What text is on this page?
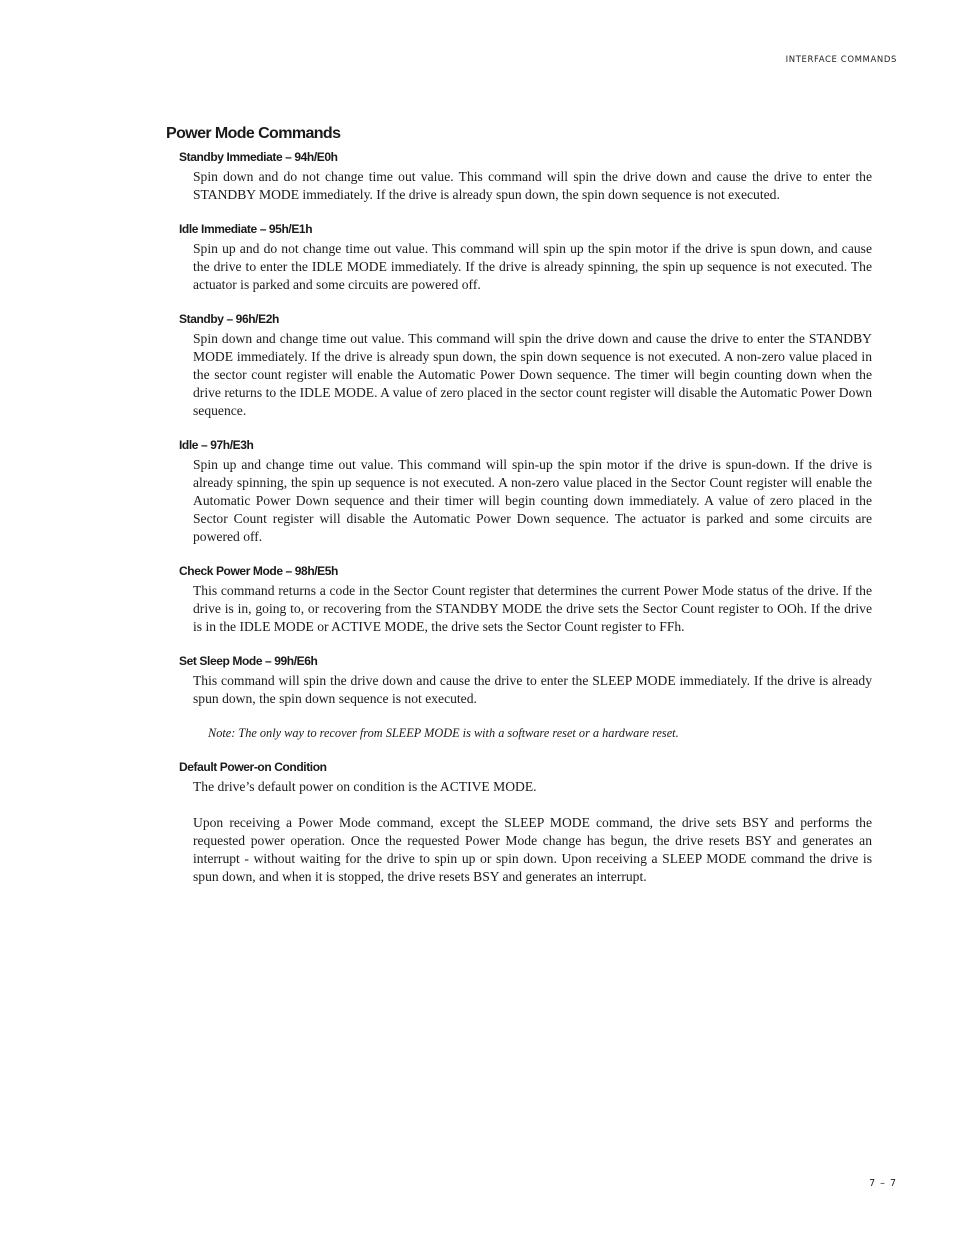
INTERFACE COMMANDS
Power Mode Commands
Standby Immediate – 94h/E0h
Spin down and do not change time out value. This command will spin the drive down and cause the drive to enter the STANDBY MODE immediately. If the drive is already spun down, the spin down sequence is not executed.
Idle Immediate – 95h/E1h
Spin up and do not change time out value. This command will spin up the spin motor if the drive is spun down, and cause the drive to enter the IDLE MODE immediately. If the drive is already spinning, the spin up sequence is not executed. The actuator is parked and some circuits are powered off.
Standby – 96h/E2h
Spin down and change time out value. This command will spin the drive down and cause the drive to enter the STANDBY MODE immediately. If the drive is already spun down, the spin down sequence is not executed. A non-zero value placed in the sector count register will enable the Automatic Power Down sequence. The timer will begin counting down when the drive returns to the IDLE MODE. A value of zero placed in the sector count register will disable the Automatic Power Down sequence.
Idle – 97h/E3h
Spin up and change time out value. This command will spin-up the spin motor if the drive is spun-down. If the drive is already spinning, the spin up sequence is not executed. A non-zero value placed in the Sector Count register will enable the Automatic Power Down sequence and their timer will begin counting down immediately. A value of zero placed in the Sector Count register will disable the Automatic Power Down sequence. The actuator is parked and some circuits are powered off.
Check Power Mode – 98h/E5h
This command returns a code in the Sector Count register that determines the current Power Mode status of the drive. If the drive is in, going to, or recovering from the STANDBY MODE the drive sets the Sector Count register to OOh. If the drive is in the IDLE MODE or ACTIVE MODE, the drive sets the Sector Count register to FFh.
Set Sleep Mode – 99h/E6h
This command will spin the drive down and cause the drive to enter the SLEEP MODE immediately. If the drive is already spun down, the spin down sequence is not executed.
Note: The only way to recover from SLEEP MODE is with a software reset or a hardware reset.
Default Power-on Condition
The drive’s default power on condition is the ACTIVE MODE.
Upon receiving a Power Mode command, except the SLEEP MODE command, the drive sets BSY and performs the requested power operation. Once the requested Power Mode change has begun, the drive resets BSY and generates an interrupt - without waiting for the drive to spin up or spin down. Upon receiving a SLEEP MODE command the drive is spun down, and when it is stopped, the drive resets BSY and generates an interrupt.
7 – 7
